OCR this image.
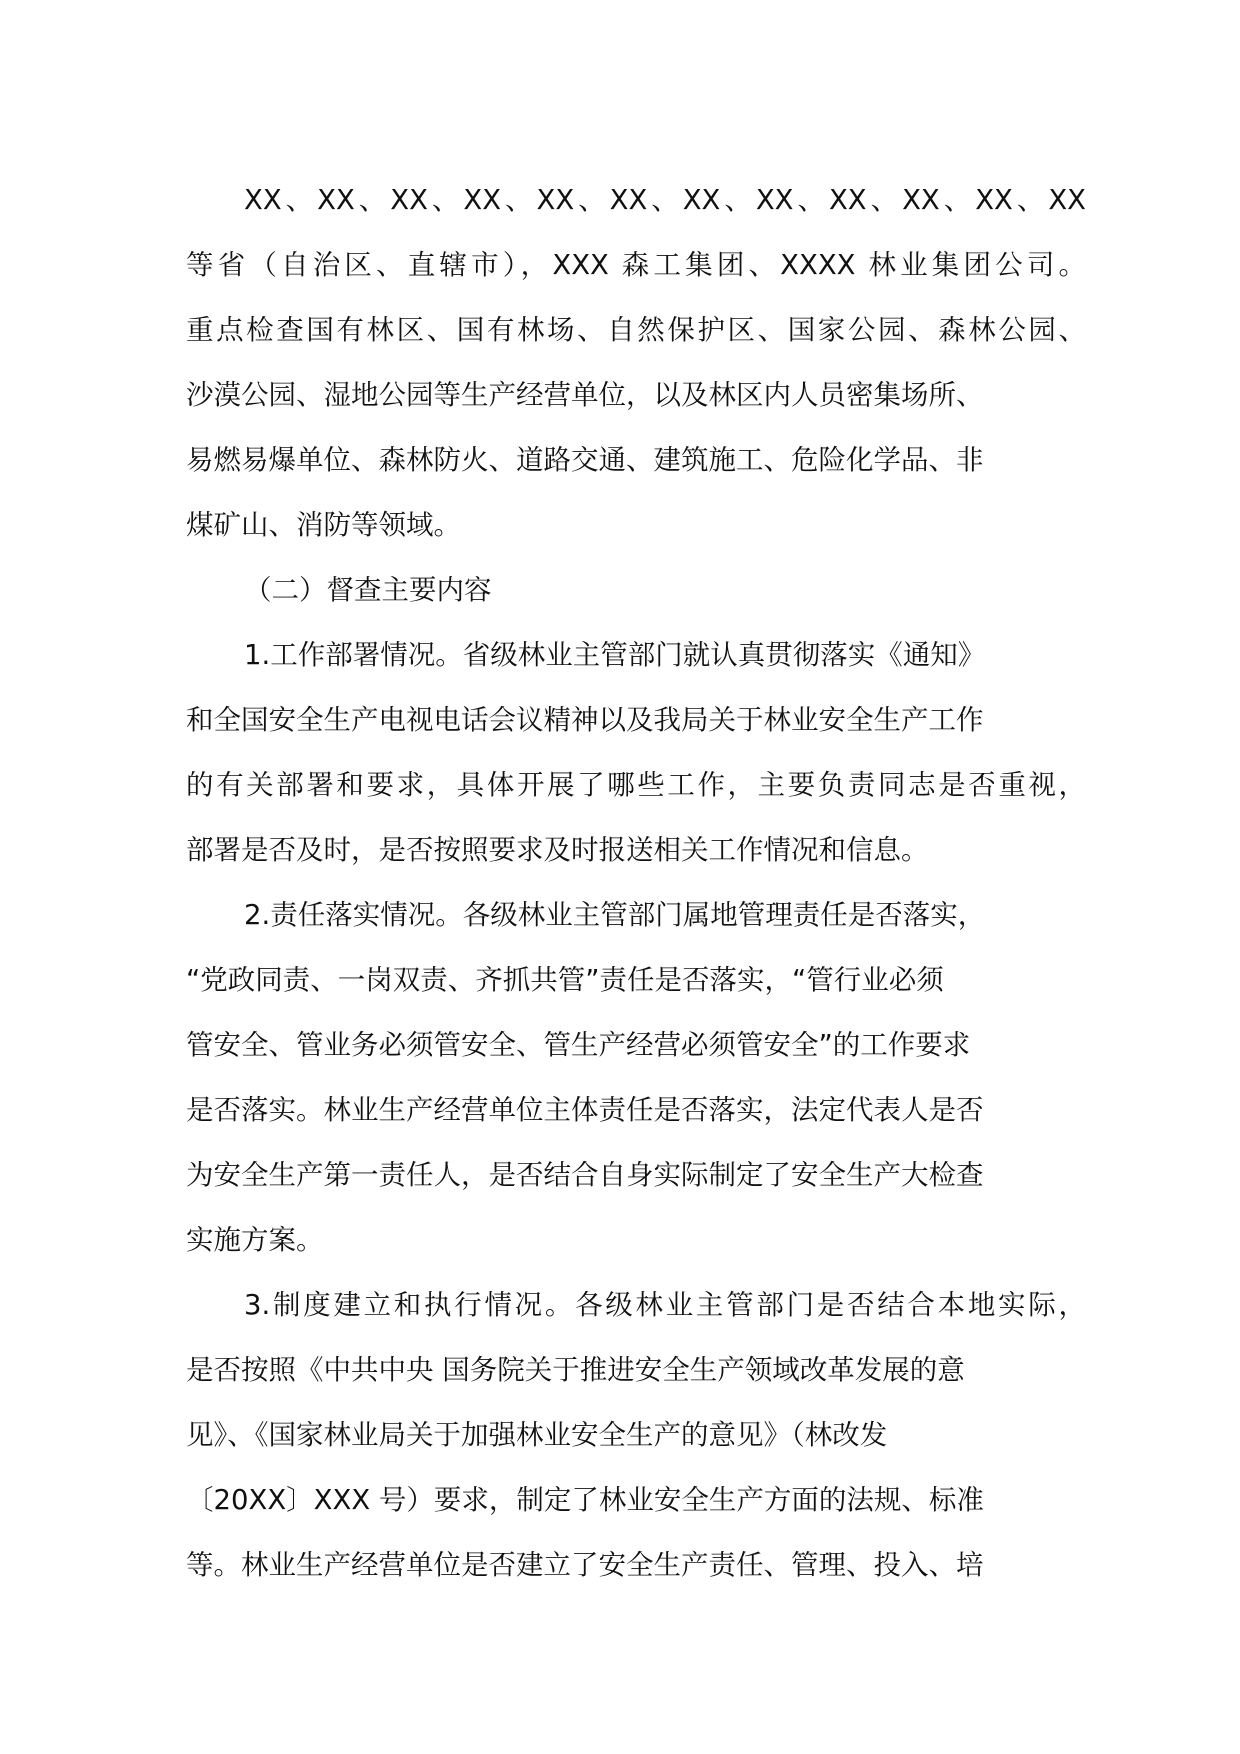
XX、XX、XX、XX、XX、XX、XX、XX、XX、XX、XX、XX
等省（自治区、直辖市），XXX 森工集团、XXXX 林业集团公司。
重点检查国有林区、国有林场、自然保护区、国家公园、森林公园、
沙漠公园、湿地公园等生产经营单位，以及林区内人员密集场所、
易燃易爆单位、森林防火、道路交通、建筑施工、危险化学品、非
煤矿山、消防等领域。
（二）督查主要内容
1.工作部署情况。省级林业主管部门就认真贯彻落实《通知》
和全国安全生产电视电话会议精神以及我局关于林业安全生产工作
的有关部署和要求，具体开展了哪些工作，主要负责同志是否重视，
部署是否及时，是否按照要求及时报送相关工作情况和信息。
2.责任落实情况。各级林业主管部门属地管理责任是否落实，
“党政同责、一岗双责、齐抓共管”责任是否落实，“管行业必须
管安全、管业务必须管安全、管生产经营必须管安全”的工作要求
是否落实。林业生产经营单位主体责任是否落实，法定代表人是否
为安全生产第一责任人，是否结合自身实际制定了安全生产大检查
实施方案。
3.制度建立和执行情况。各级林业主管部门是否结合本地实际，
是否按照《中共中央 国务院关于推进安全生产领域改革发展的意
见》、《国家林业局关于加强林业安全生产的意见》（林改发
〔20XX〕XXX 号）要求，制定了林业安全生产方面的法规、标准
等。林业生产经营单位是否建立了安全生产责任、管理、投入、培
